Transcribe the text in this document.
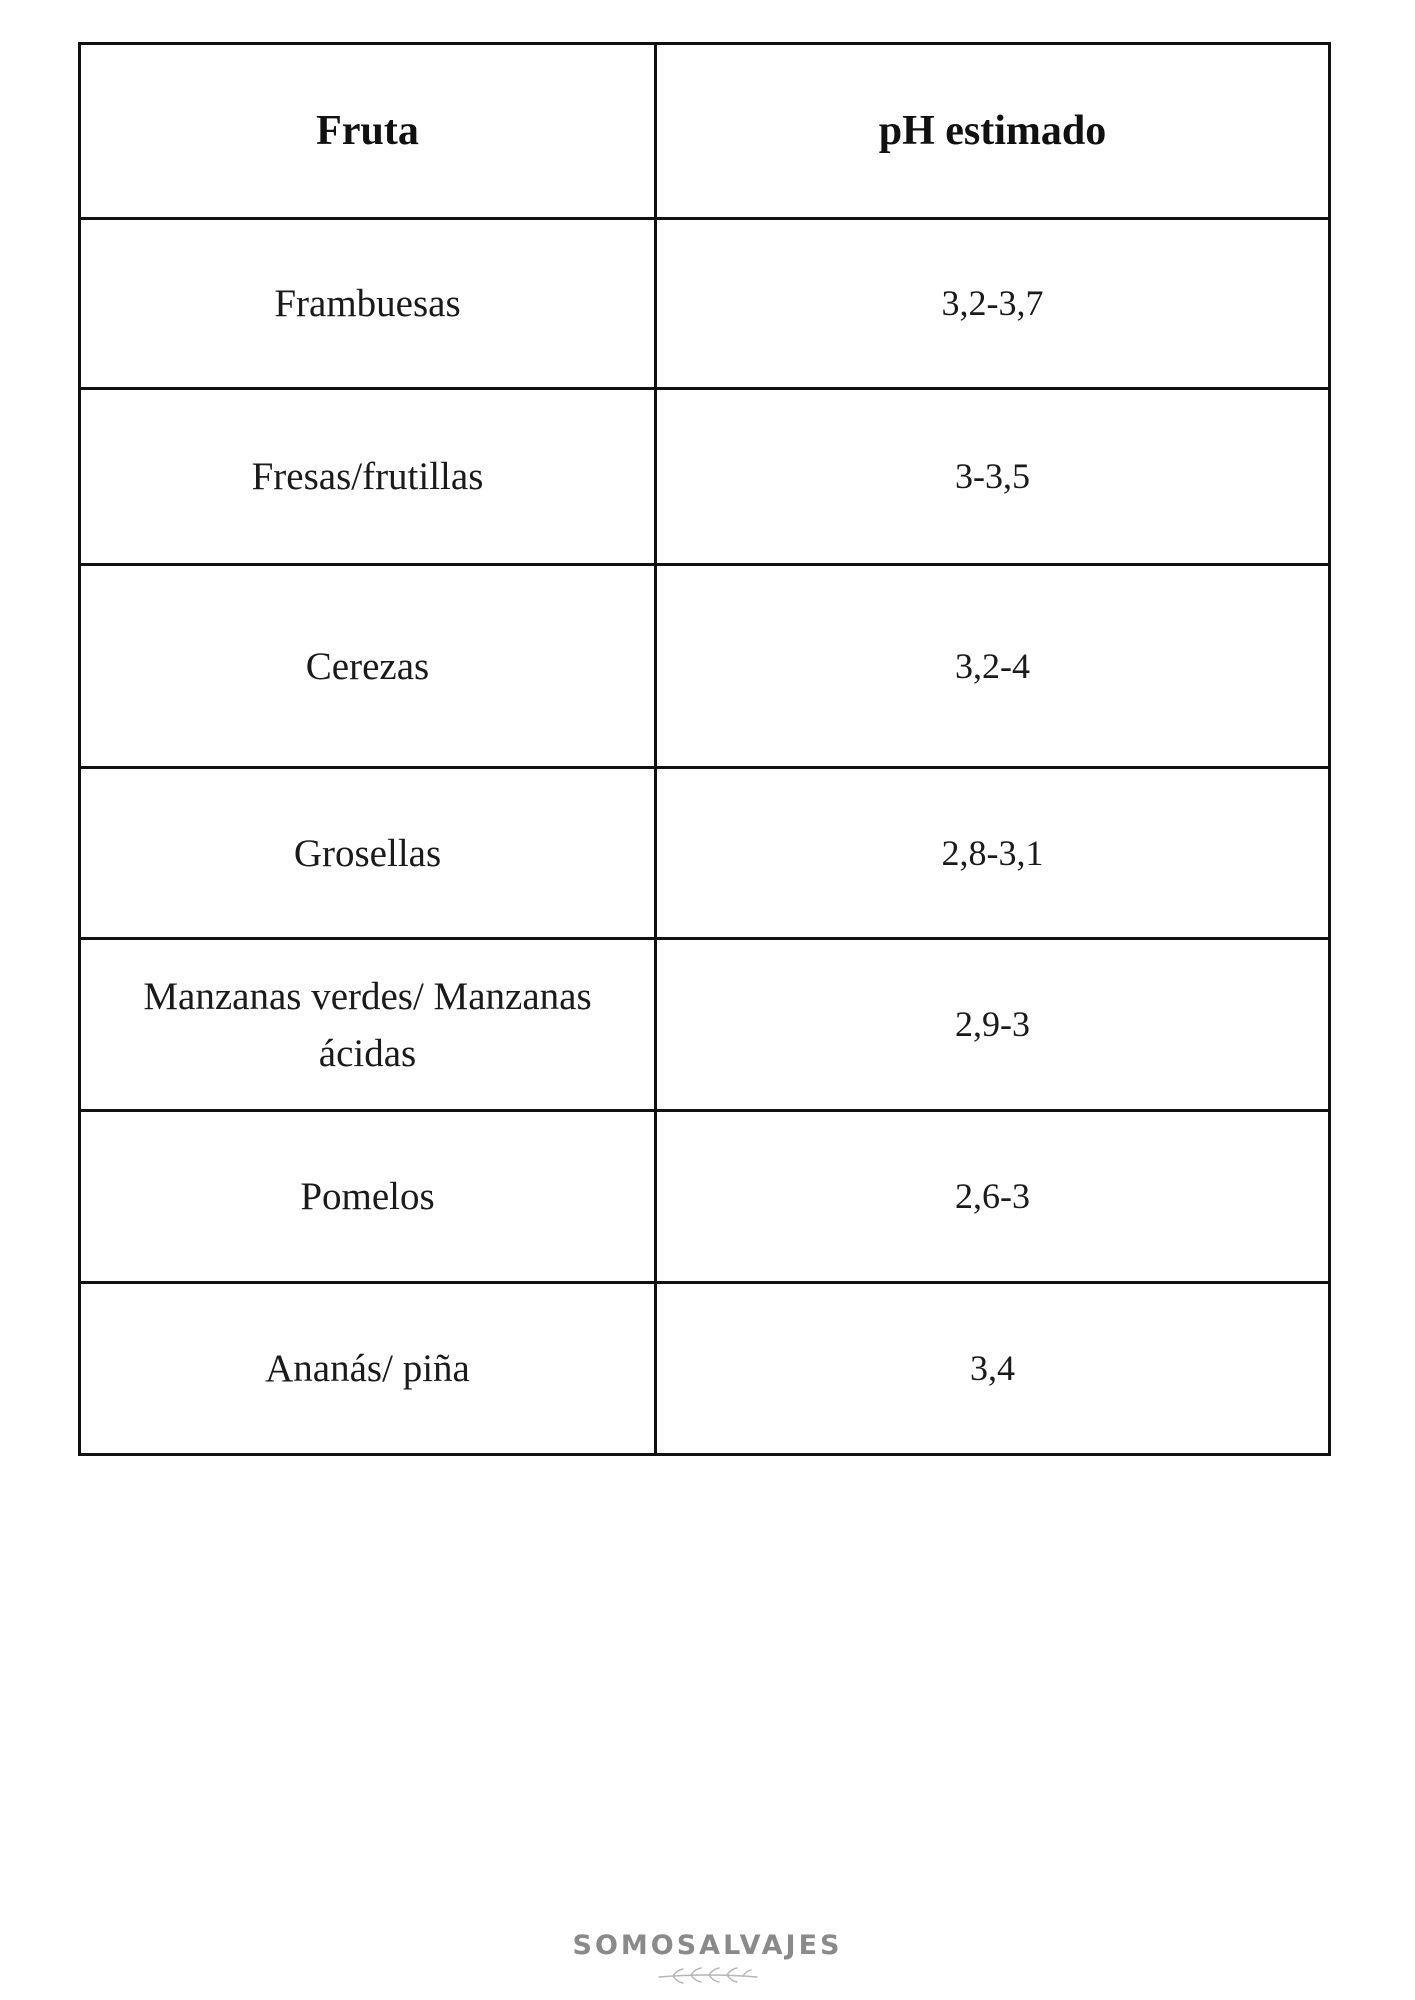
Fruta	pH estimado
Frambuesas	3,2-3,7
Fresas/frutillas	3-3,5
Cerezas	3,2-4
Grosellas	2,8-3,1
Manzanas verdes/ Manzanas ácidas	2,9-3
Pomelos	2,6-3
Ananás/ piña	3,4
SOMOSALVAJES
